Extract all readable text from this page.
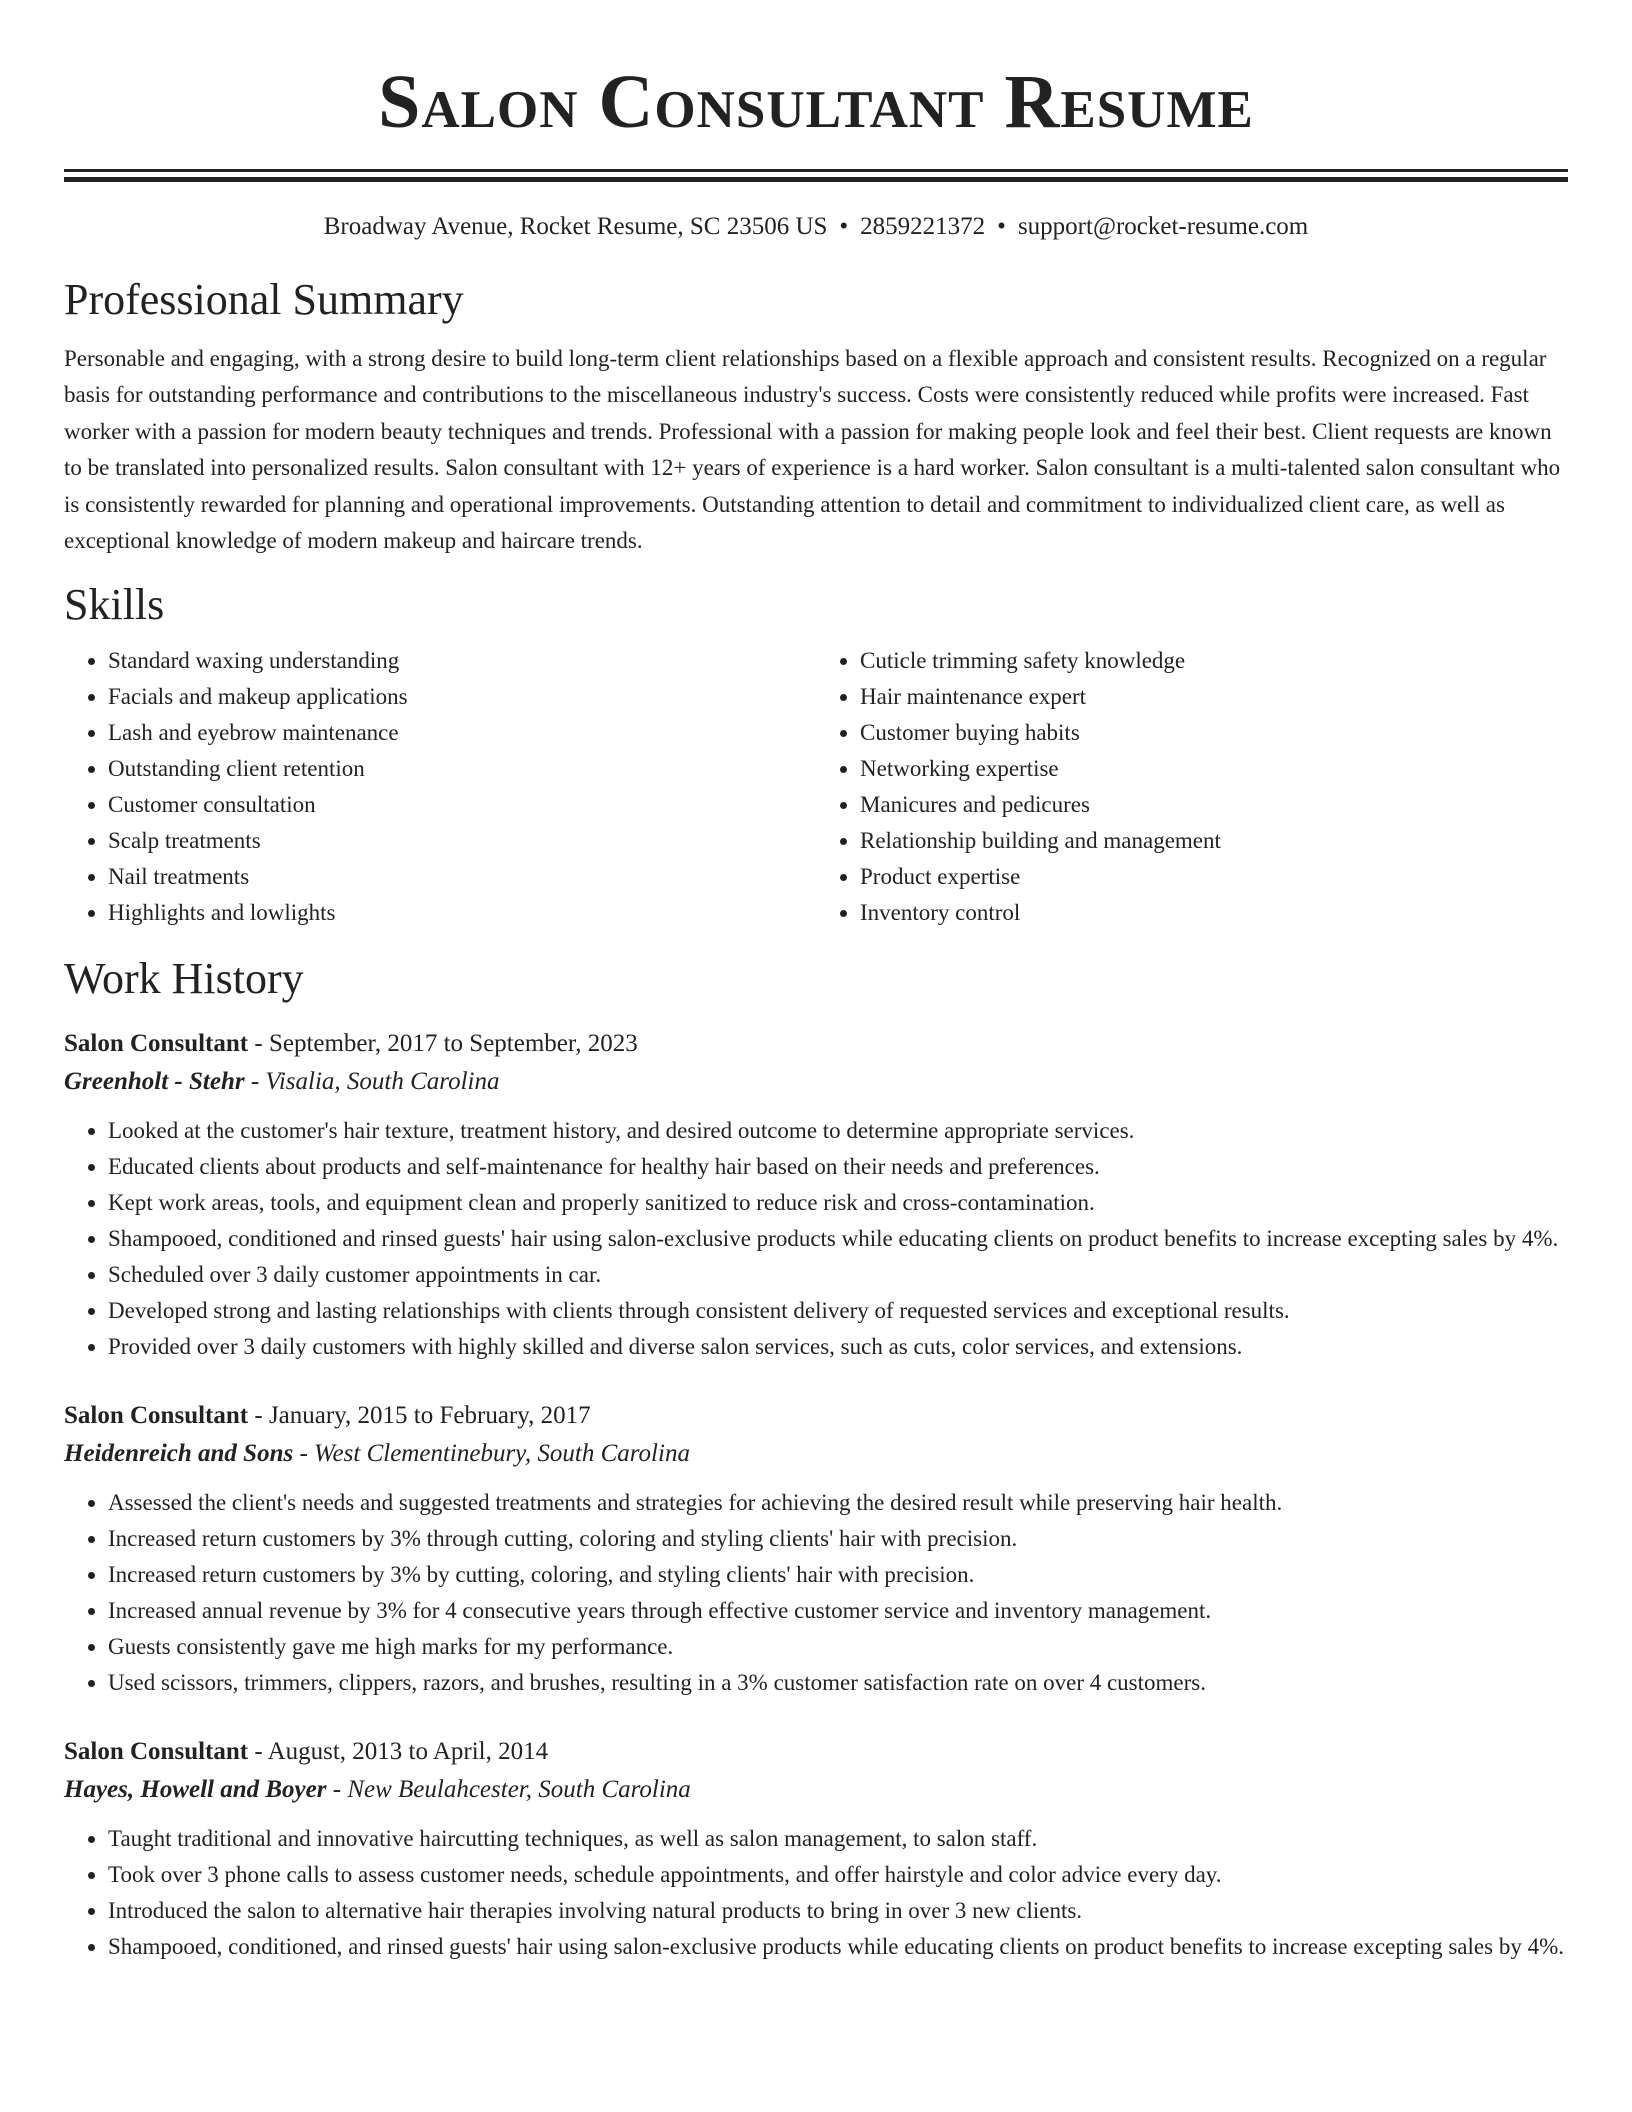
Salon Consultant Resume
Broadway Avenue, Rocket Resume, SC 23506 US • 2859221372 • support@rocket-resume.com
Professional Summary

Personable and engaging, with a strong desire to build long-term client relationships based on a flexible approach and consistent results. Recognized on a regular basis for outstanding performance and contributions to the miscellaneous industry's success. Costs were consistently reduced while profits were increased. Fast worker with a passion for modern beauty techniques and trends. Professional with a passion for making people look and feel their best. Client requests are known to be translated into personalized results. Salon consultant with 12+ years of experience is a hard worker. Salon consultant is a multi-talented salon consultant who is consistently rewarded for planning and operational improvements. Outstanding attention to detail and commitment to individualized client care, as well as exceptional knowledge of modern makeup and haircare trends.

Skills
• Standard waxing understanding
• Facials and makeup applications
• Lash and eyebrow maintenance
• Outstanding client retention
• Customer consultation
• Scalp treatments
• Nail treatments
• Highlights and lowlights
• Cuticle trimming safety knowledge
• Hair maintenance expert
• Customer buying habits
• Networking expertise
• Manicures and pedicures
• Relationship building and management
• Product expertise
• Inventory control
Work History
Salon Consultant - September, 2017 to September, 2023
Greenholt - Stehr - Visalia, South Carolina
• Looked at the customer's hair texture, treatment history, and desired outcome to determine appropriate services.
• Educated clients about products and self-maintenance for healthy hair based on their needs and preferences.
• Kept work areas, tools, and equipment clean and properly sanitized to reduce risk and cross-contamination.
• Shampooed, conditioned and rinsed guests' hair using salon-exclusive products while educating clients on product benefits to increase excepting sales by 4%.
• Scheduled over 3 daily customer appointments in car.
• Developed strong and lasting relationships with clients through consistent delivery of requested services and exceptional results.
• Provided over 3 daily customers with highly skilled and diverse salon services, such as cuts, color services, and extensions.
Salon Consultant - January, 2015 to February, 2017
Heidenreich and Sons - West Clementinebury, South Carolina
• Assessed the client's needs and suggested treatments and strategies for achieving the desired result while preserving hair health.
• Increased return customers by 3% through cutting, coloring and styling clients' hair with precision.
• Increased return customers by 3% by cutting, coloring, and styling clients' hair with precision.
• Increased annual revenue by 3% for 4 consecutive years through effective customer service and inventory management.
• Guests consistently gave me high marks for my performance.
• Used scissors, trimmers, clippers, razors, and brushes, resulting in a 3% customer satisfaction rate on over 4 customers.
Salon Consultant - August, 2013 to April, 2014
Hayes, Howell and Boyer - New Beulahcester, South Carolina
• Taught traditional and innovative haircutting techniques, as well as salon management, to salon staff.
• Took over 3 phone calls to assess customer needs, schedule appointments, and offer hairstyle and color advice every day.
• Introduced the salon to alternative hair therapies involving natural products to bring in over 3 new clients.
• Shampooed, conditioned, and rinsed guests' hair using salon-exclusive products while educating clients on product benefits to increase excepting sales by 4%.
